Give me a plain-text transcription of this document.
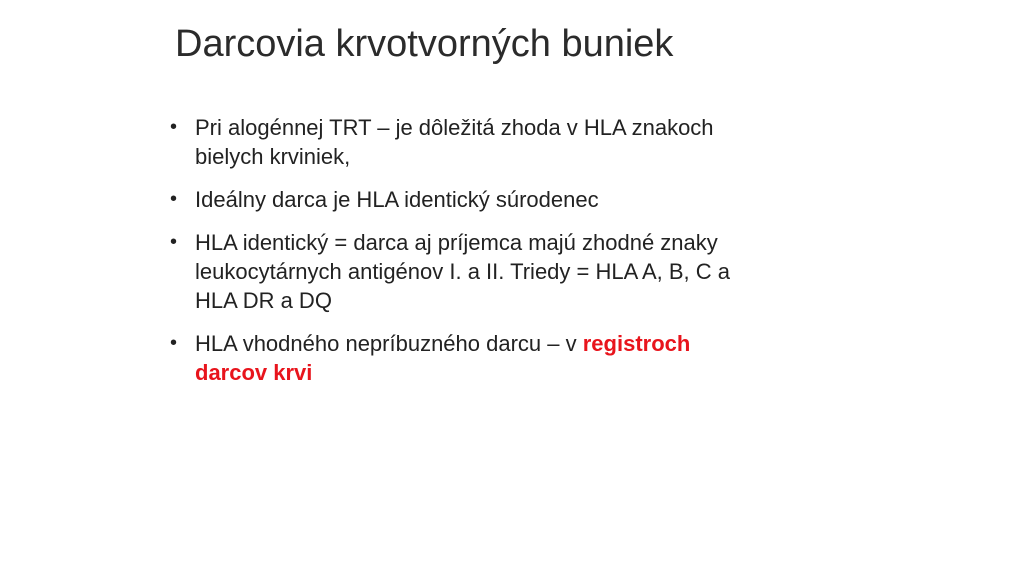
Darcovia krvotvorných buniek
• Pri alogénnej TRT – je dôležitá zhoda v HLA znakoch
bielych krviniek,
• Ideálny darca je HLA identický súrodenec
• HLA identický = darca aj príjemca majú zhodné znaky
leukocytárnych antigénov I. a II. Triedy = HLA A, B, C a
HLA DR a DQ
• HLA vhodného nepríbuzného darcu – v registroch
darcov krvi
